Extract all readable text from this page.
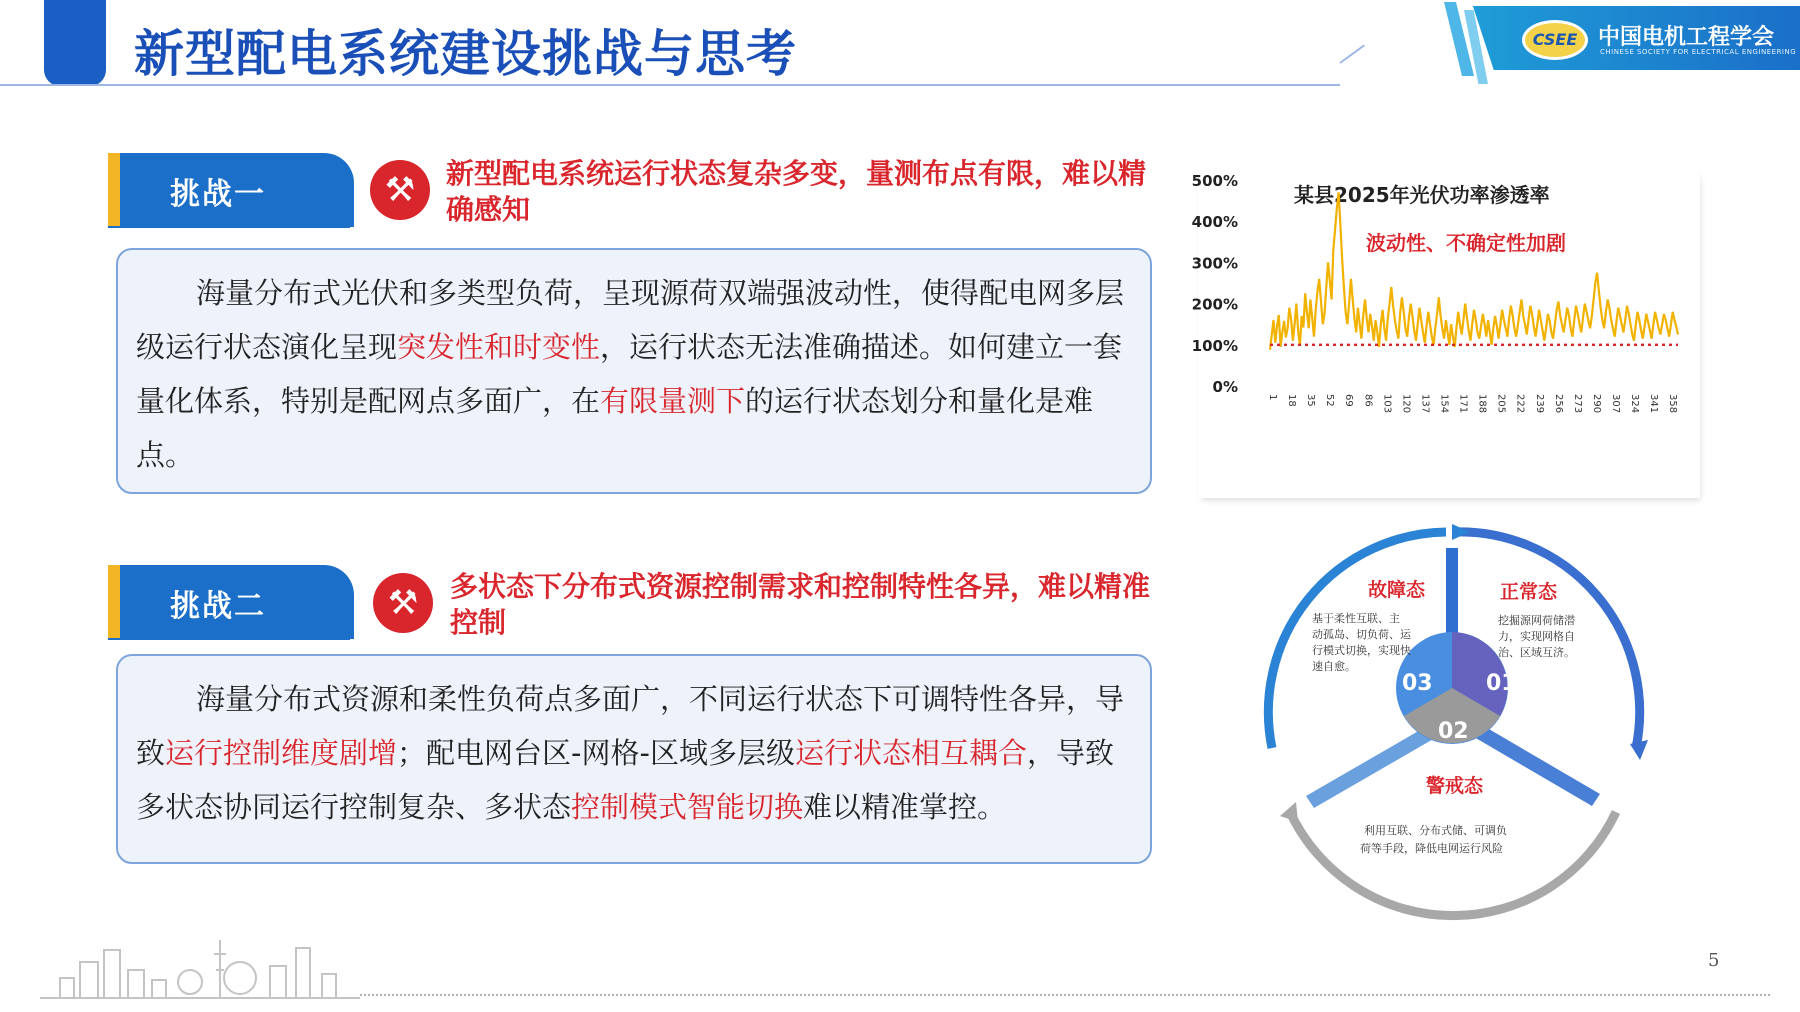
新型配电系统建设挑战与思考	CSEE 中国电机工程学会
CHINESE SOCIETY FOR ELECTRICAL ENGINEERING
挑战一	⚒	新型配电系统运行状态复杂多变，量测布点有限，难以精确感知
海量分布式光伏和多类型负荷，呈现源荷双端强波动性，使得配电网多层级运行状态演化呈现突发性和时变性，运行状态无法准确描述。如何建立一套量化体系，特别是配网点多面广，在有限量测下的运行状态划分和量化是难点。
挑战二	⚒	多状态下分布式资源控制需求和控制特性各异，难以精准控制
海量分布式资源和柔性负荷点多面广，不同运行状态下可调特性各异，导致运行控制维度剧增；配电网台区-网格-区域多层级运行状态相互耦合，导致多状态协同运行控制复杂、多状态控制模式智能切换难以精准掌控。
某县2025年光伏功率渗透率
波动性、不确定性加剧
500%
400%
300%
200%
100%
0%
1 18 35 52 69 86 103 120 137 154 171 188 205 222 239 256 273 290 307 324 341 358
01
02
03
正常态
挖掘源网荷储潜
力，实现网格自
治、区域互济。
故障态
基于柔性互联、主
动孤岛、切负荷、运
行模式切换，实现快
速自愈。
警戒态
利用互联、分布式储、可调负
荷等手段，降低电网运行风险
5
